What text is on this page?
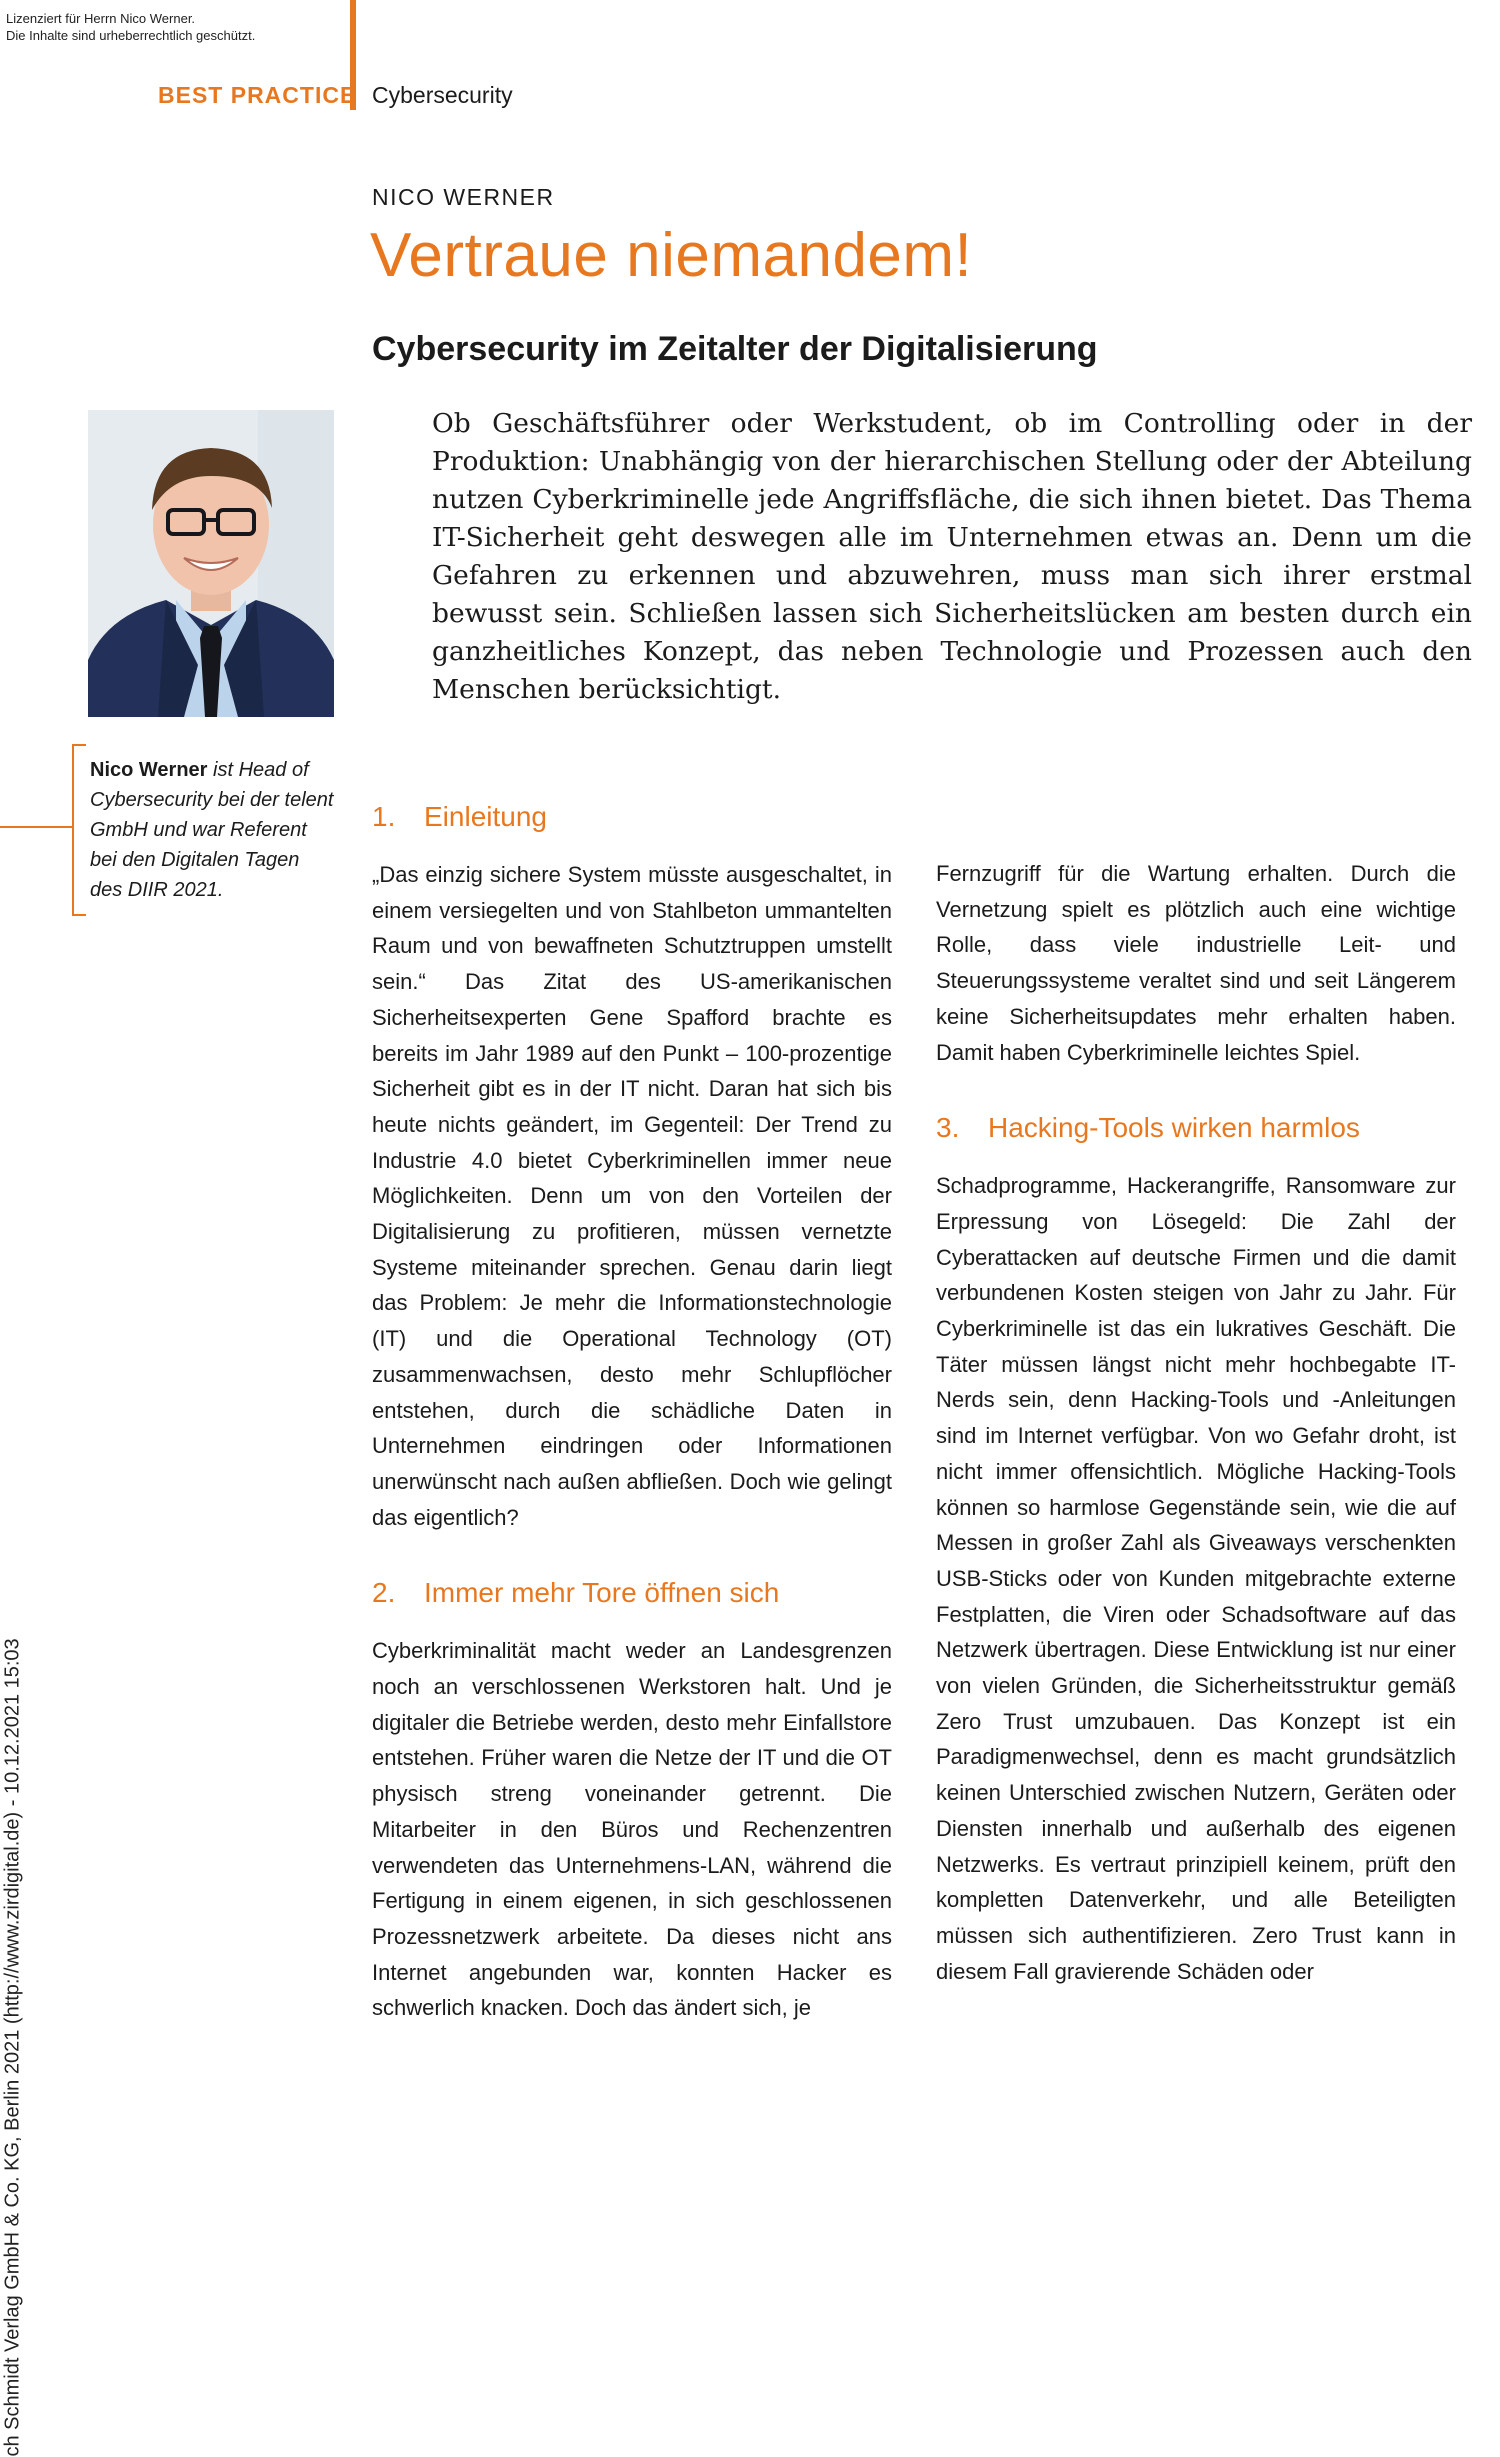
Lizenziert für Herrn Nico Werner.
Die Inhalte sind urheberrechtlich geschützt.
BEST PRACTICE Cybersecurity
NICO WERNER
Vertraue niemandem!
Cybersecurity im Zeitalter der Digitalisierung

Ob Geschäftsführer oder Werkstudent, ob im Controlling oder in der Produktion: Unabhängig von der hierarchischen Stellung oder der Abteilung nutzen Cyberkriminelle jede Angriffsfläche, die sich ihnen bietet. Das Thema IT-Sicherheit geht deswegen alle im Unternehmen etwas an. Denn um die Gefahren zu erkennen und abzuwehren, muss man sich ihrer erstmal bewusst sein. Schließen lassen sich Sicherheitslücken am besten durch ein ganzheitliches Konzept, das neben Technologie und Prozessen auch den Menschen berücksichtigt.

Nico Werner ist Head of Cybersecurity bei der telent GmbH und war Referent bei den Digitalen Tagen des DIIR 2021.
1. Einleitung

„Das einzig sichere System müsste ausgeschaltet, in einem versiegelten und von Stahlbeton ummantelten Raum und von bewaffneten Schutztruppen umstellt sein.“ Das Zitat des US-amerikanischen Sicherheitsexperten Gene Spafford brachte es bereits im Jahr 1989 auf den Punkt – 100-prozentige Sicherheit gibt es in der IT nicht. Daran hat sich bis heute nichts geändert, im Gegenteil: Der Trend zu Industrie 4.0 bietet Cyberkriminellen immer neue Möglichkeiten. Denn um von den Vorteilen der Digitalisierung zu profitieren, müssen vernetzte Systeme miteinander sprechen. Genau darin liegt das Problem: Je mehr die Informationstechnologie (IT) und die Operational Technology (OT) zusammenwachsen, desto mehr Schlupflöcher entstehen, durch die schädliche Daten in Unternehmen eindringen oder Informationen unerwünscht nach außen abfließen. Doch wie gelingt das eigentlich?

2. Immer mehr Tore öffnen sich

Cyberkriminalität macht weder an Landesgrenzen noch an verschlossenen Werkstoren halt. Und je digitaler die Betriebe werden, desto mehr Einfallstore entstehen. Früher waren die Netze der IT und die OT physisch streng voneinander getrennt. Die Mitarbeiter in den Büros und Rechenzentren verwendeten das Unternehmens-LAN, während die Fertigung in einem eigenen, in sich geschlossenen Prozessnetzwerk arbeitete. Da dieses nicht ans Internet angebunden war, konnten Hacker es schwerlich knacken. Doch das ändert sich, je

Fernzugriff für die Wartung erhalten. Durch die Vernetzung spielt es plötzlich auch eine wichtige Rolle, dass viele industrielle Leit- und Steuerungssysteme veraltet sind und seit Längerem keine Sicherheitsupdates mehr erhalten haben. Damit haben Cyberkriminelle leichtes Spiel.

3. Hacking-Tools wirken harmlos

Schadprogramme, Hackerangriffe, Ransomware zur Erpressung von Lösegeld: Die Zahl der Cyberattacken auf deutsche Firmen und die damit verbundenen Kosten steigen von Jahr zu Jahr. Für Cyberkriminelle ist das ein lukratives Geschäft. Die Täter müssen längst nicht mehr hochbegabte IT-Nerds sein, denn Hacking-Tools und -Anleitungen sind im Internet verfügbar. Von wo Gefahr droht, ist nicht immer offensichtlich. Mögliche Hacking-Tools können so harmlose Gegenstände sein, wie die auf Messen in großer Zahl als Giveaways verschenkten USB-Sticks oder von Kunden mitgebrachte externe Festplatten, die Viren oder Schadsoftware auf das Netzwerk übertragen. Diese Entwicklung ist nur einer von vielen Gründen, die Sicherheitsstruktur gemäß Zero Trust umzubauen. Das Konzept ist ein Paradigmenwechsel, denn es macht grundsätzlich keinen Unterschied zwischen Nutzern, Geräten oder Diensten innerhalb und außerhalb des eigenen Netzwerks. Es vertraut prinzipiell keinem, prüft den kompletten Datenverkehr, und alle Beteiligten müssen sich authentifizieren. Zero Trust kann in diesem Fall gravierende Schäden oder

ch Schmidt Verlag GmbH & Co. KG, Berlin 2021 (http://www.zirdigital.de) - 10.12.2021 15:03
